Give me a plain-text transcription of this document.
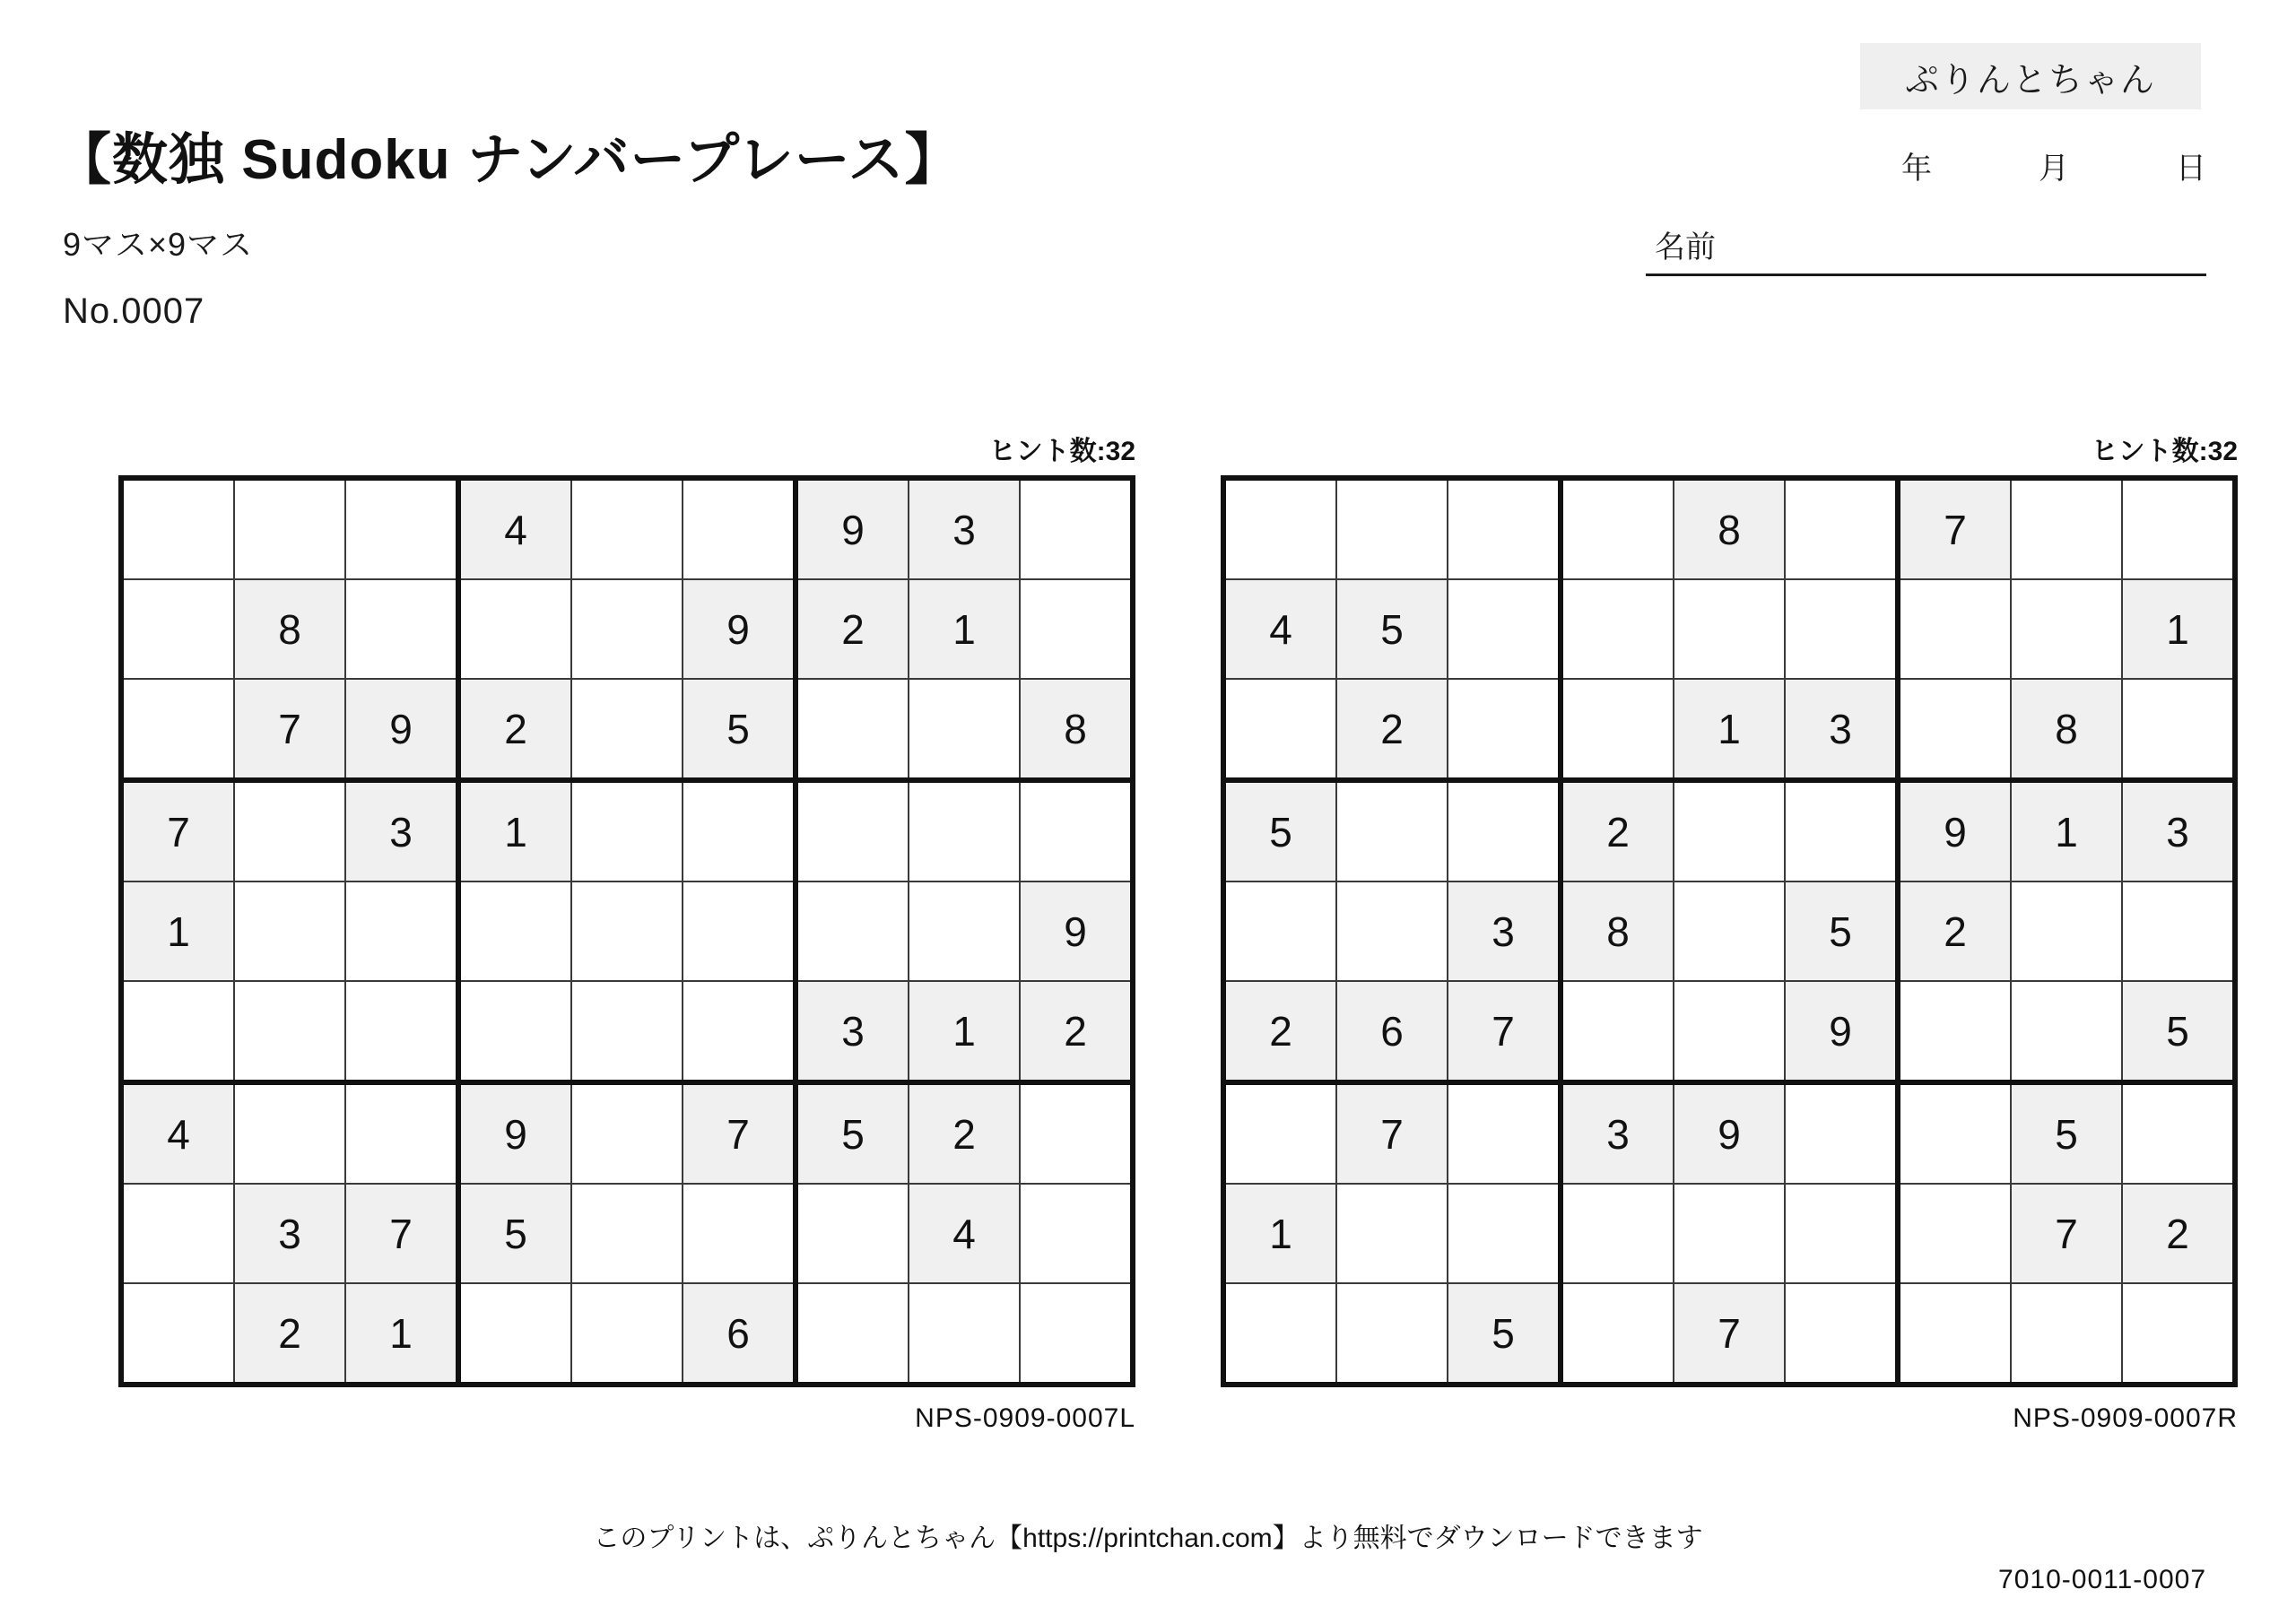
ぷりんとちゃん
年	月	日
名前
【数独 Sudoku ナンバープレース】
9マス×9マス
No.0007
ヒント数:32
			4			9	3	
	8				9	2	1	
	7	9	2		5			8
7		3	1					
1								9
						3	1	2
4			9		7	5	2	
	3	7	5				4	
	2	1			6			
NPS-0909-0007L
ヒント数:32
				8		7		
4	5							1
	2			1	3		8	
5			2			9	1	3
		3	8		5	2		
2	6	7			9			5
	7		3	9			5	
1							7	2
		5		7				
NPS-0909-0007R
このプリントは、ぷりんとちゃん【https://printchan.com】より無料でダウンロードできます
7010-0011-0007
